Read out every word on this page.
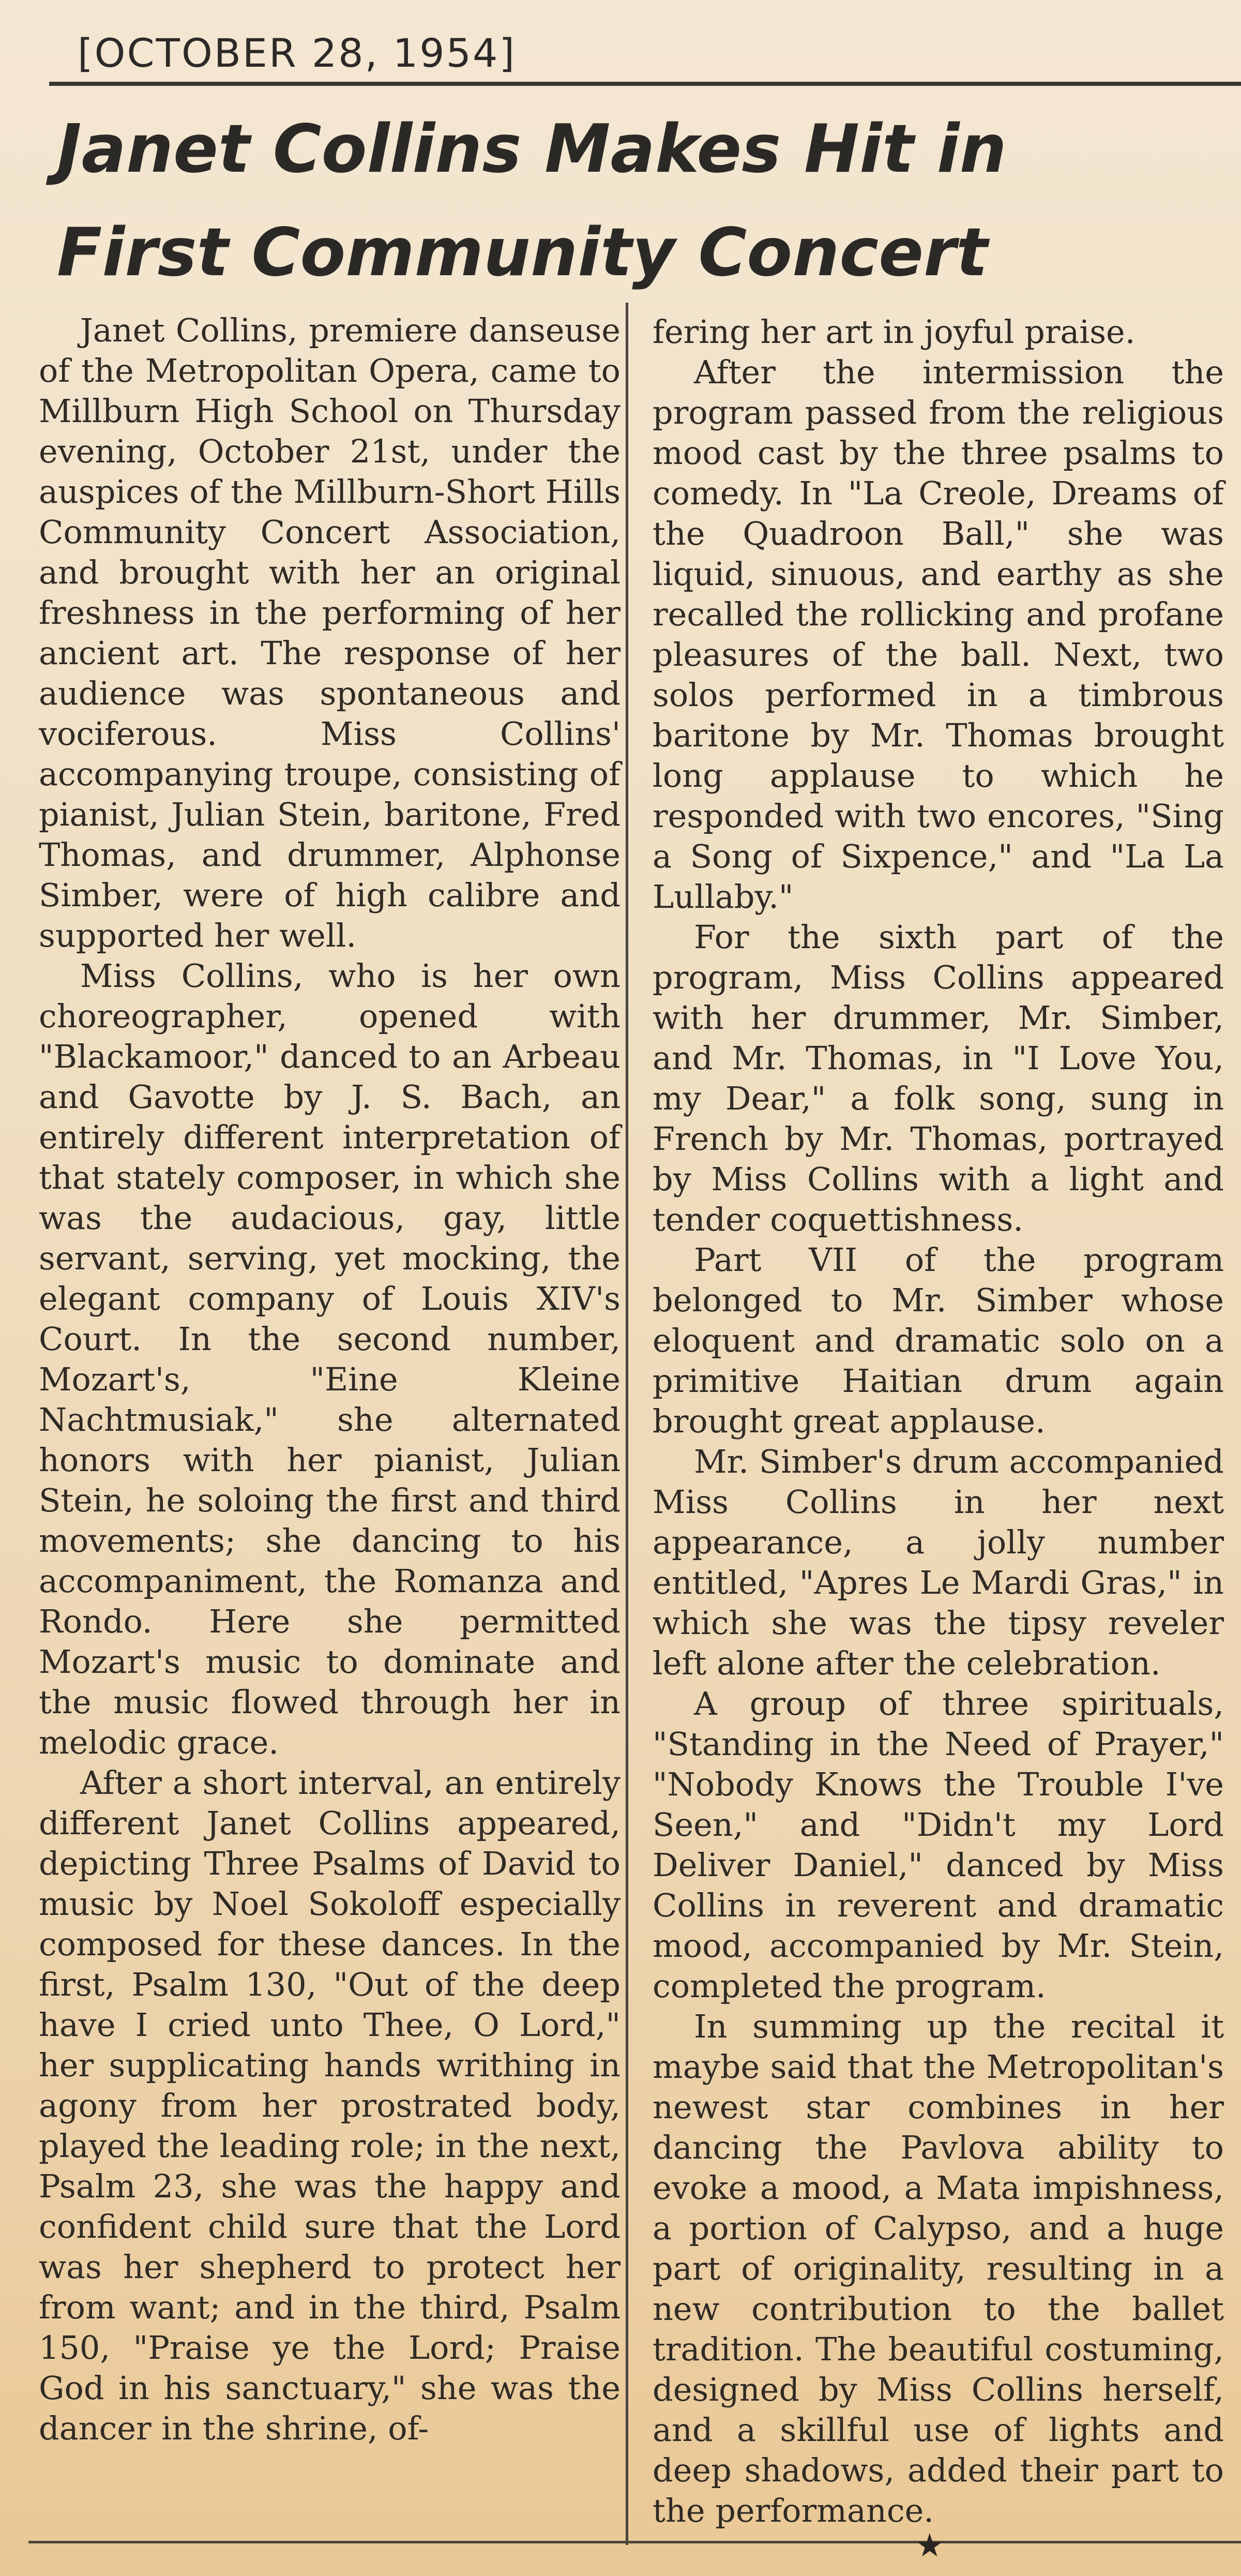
[OCTOBER 28, 1954]
Janet Collins Makes Hit in
First Community Concert

Janet Collins, premiere danseuse of the Metropolitan Opera, came to Millburn High School on Thursday evening, October 21st, under the auspices of the Millburn-Short Hills Community Concert Association, and brought with her an original freshness in the performing of her ancient art. The response of her audience was spontaneous and vociferous. Miss Collins' accompanying troupe, consisting of pianist, Julian Stein, baritone, Fred Thomas, and drummer, Alphonse Simber, were of high calibre and supported her well.

Miss Collins, who is her own choreographer, opened with "Blackamoor," danced to an Arbeau and Gavotte by J. S. Bach, an entirely different interpretation of that stately composer, in which she was the audacious, gay, little servant, serving, yet mocking, the elegant company of Louis XIV's Court. In the second number, Mozart's, "Eine Kleine Nachtmusiak," she alternated honors with her pianist, Julian Stein, he soloing the first and third movements; she dancing to his accompaniment, the Romanza and Rondo. Here she permitted Mozart's music to dominate and the music flowed through her in melodic grace.

After a short interval, an entirely different Janet Collins appeared, depicting Three Psalms of David to music by Noel Sokoloff especially composed for these dances. In the first, Psalm 130, "Out of the deep have I cried unto Thee, O Lord," her supplicating hands writhing in agony from her prostrated body, played the leading role; in the next, Psalm 23, she was the happy and confident child sure that the Lord was her shepherd to protect her from want; and in the third, Psalm 150, "Praise ye the Lord; Praise God in his sanctuary," she was the dancer in the shrine, of-

fering her art in joyful praise.

After the intermission the program passed from the religious mood cast by the three psalms to comedy. In "La Creole, Dreams of the Quadroon Ball," she was liquid, sinuous, and earthy as she recalled the rollicking and profane pleasures of the ball. Next, two solos performed in a timbrous baritone by Mr. Thomas brought long applause to which he responded with two encores, "Sing a Song of Sixpence," and "La La Lullaby."

For the sixth part of the program, Miss Collins appeared with her drummer, Mr. Simber, and Mr. Thomas, in "I Love You, my Dear," a folk song, sung in French by Mr. Thomas, portrayed by Miss Collins with a light and tender coquettishness.

Part VII of the program belonged to Mr. Simber whose eloquent and dramatic solo on a primitive Haitian drum again brought great applause.

Mr. Simber's drum accompanied Miss Collins in her next appearance, a jolly number entitled, "Apres Le Mardi Gras," in which she was the tipsy reveler left alone after the celebration.

A group of three spirituals, "Standing in the Need of Prayer," "Nobody Knows the Trouble I've Seen," and "Didn't my Lord Deliver Daniel," danced by Miss Collins in reverent and dramatic mood, accompanied by Mr. Stein, completed the program.

In summing up the recital it maybe said that the Metropolitan's newest star combines in her dancing the Pavlova ability to evoke a mood, a Mata impishness, a portion of Calypso, and a huge part of originality, resulting in a new contribution to the ballet tradition. The beautiful costuming, designed by Miss Collins herself, and a skillful use of lights and deep shadows, added their part to the performance.

★
